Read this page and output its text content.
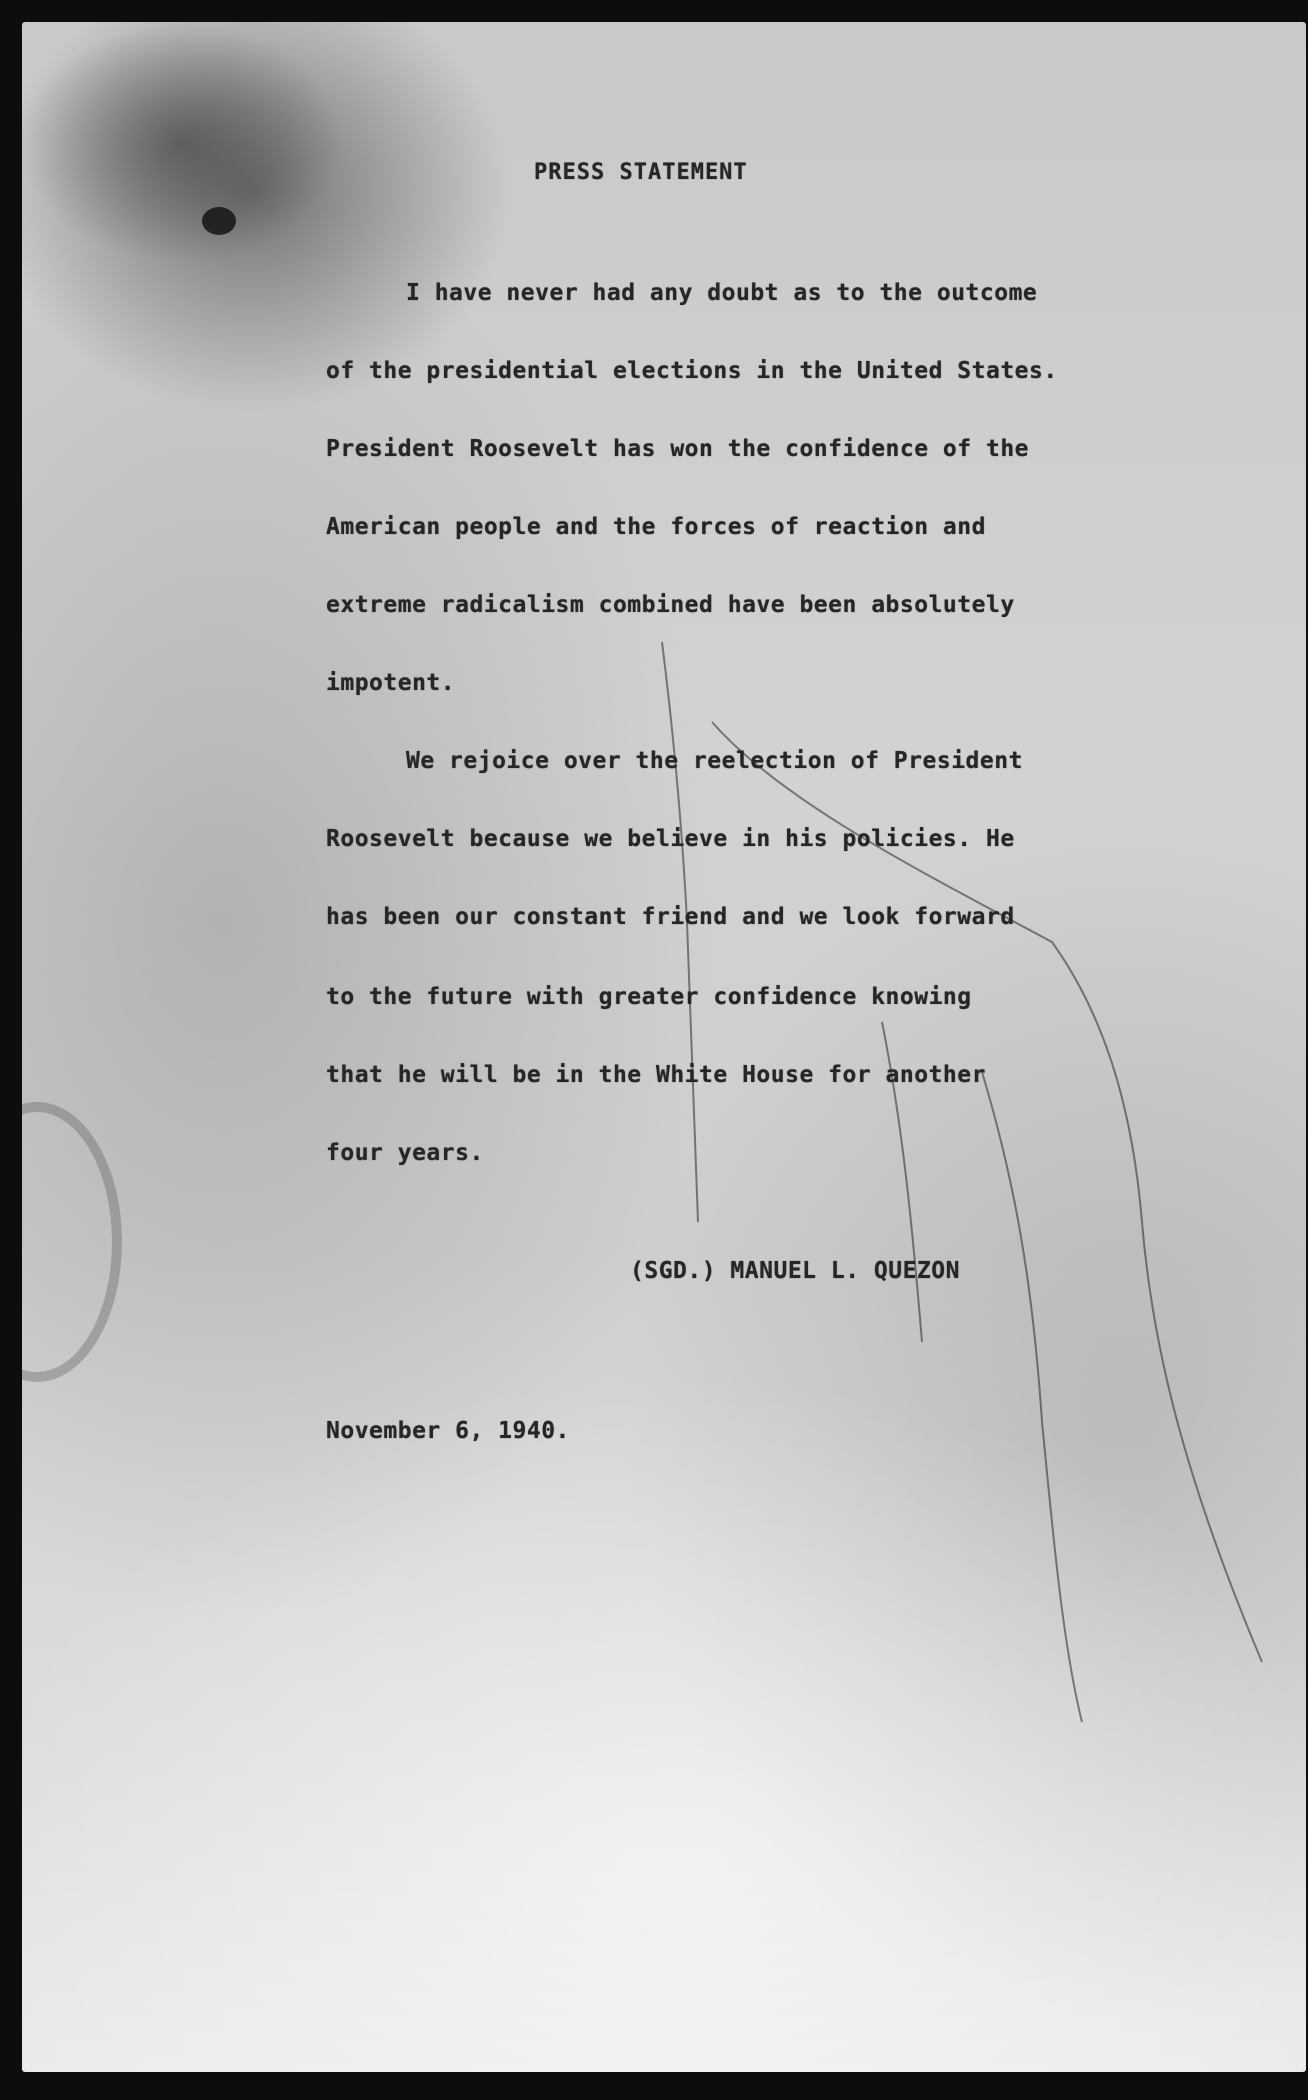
PRESS STATEMENT
I have never had any doubt as to the outcome
of the presidential elections in the United States.
President Roosevelt has won the confidence of the
American people and the forces of reaction and
extreme radicalism combined have been absolutely
impotent.
We rejoice over the reelection of President
Roosevelt because we believe in his policies. He
has been our constant friend and we look forward
to the future with greater confidence knowing
that he will be in the White House for another
four years.
(SGD.) MANUEL L. QUEZON
November 6, 1940.
